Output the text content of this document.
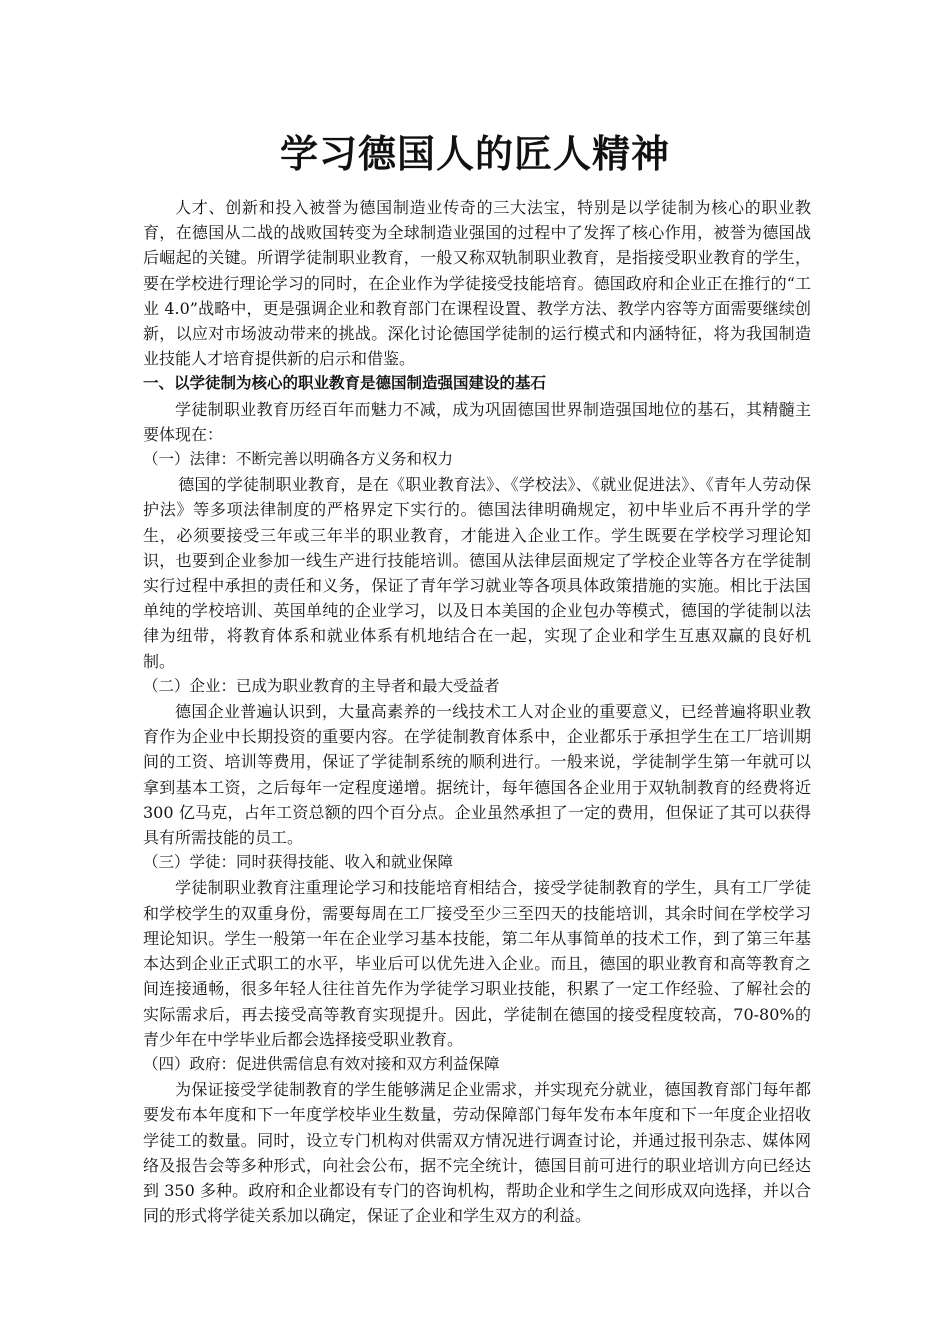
学习德国人的匠人精神

人才、创新和投入被誉为德国制造业传奇的三大法宝，特别是以学徒制为核心的职业教育，在德国从二战的战败国转变为全球制造业强国的过程中了发挥了核心作用，被誉为德国战后崛起的关键。所谓学徒制职业教育，一般又称双轨制职业教育，是指接受职业教育的学生，要在学校进行理论学习的同时，在企业作为学徒接受技能培育。德国政府和企业正在推行的“工业 4.0”战略中，更是强调企业和教育部门在课程设置、教学方法、教学内容等方面需要继续创新，以应对市场波动带来的挑战。深化讨论德国学徒制的运行模式和内涵特征，将为我国制造业技能人才培育提供新的启示和借鉴。

一、以学徒制为核心的职业教育是德国制造强国建设的基石

学徒制职业教育历经百年而魅力不减，成为巩固德国世界制造强国地位的基石，其精髓主要体现在：

（一）法律：不断完善以明确各方义务和权力

德国的学徒制职业教育，是在《职业教育法》、《学校法》、《就业促进法》、《青年人劳动保护法》等多项法律制度的严格界定下实行的。德国法律明确规定，初中毕业后不再升学的学生，必须要接受三年或三年半的职业教育，才能进入企业工作。学生既要在学校学习理论知识，也要到企业参加一线生产进行技能培训。德国从法律层面规定了学校企业等各方在学徒制实行过程中承担的责任和义务，保证了青年学习就业等各项具体政策措施的实施。相比于法国单纯的学校培训、英国单纯的企业学习，以及日本美国的企业包办等模式，德国的学徒制以法律为纽带，将教育体系和就业体系有机地结合在一起，实现了企业和学生互惠双赢的良好机制。

（二）企业：已成为职业教育的主导者和最大受益者

德国企业普遍认识到，大量高素养的一线技术工人对企业的重要意义，已经普遍将职业教育作为企业中长期投资的重要内容。在学徒制教育体系中，企业都乐于承担学生在工厂培训期间的工资、培训等费用，保证了学徒制系统的顺利进行。一般来说，学徒制学生第一年就可以拿到基本工资，之后每年一定程度递增。据统计，每年德国各企业用于双轨制教育的经费将近 300 亿马克，占年工资总额的四个百分点。企业虽然承担了一定的费用，但保证了其可以获得具有所需技能的员工。

（三）学徒：同时获得技能、收入和就业保障

学徒制职业教育注重理论学习和技能培育相结合，接受学徒制教育的学生，具有工厂学徒和学校学生的双重身份，需要每周在工厂接受至少三至四天的技能培训，其余时间在学校学习理论知识。学生一般第一年在企业学习基本技能，第二年从事简单的技术工作，到了第三年基本达到企业正式职工的水平，毕业后可以优先进入企业。而且，德国的职业教育和高等教育之间连接通畅，很多年轻人往往首先作为学徒学习职业技能，积累了一定工作经验、了解社会的实际需求后，再去接受高等教育实现提升。因此，学徒制在德国的接受程度较高，70-80%的青少年在中学毕业后都会选择接受职业教育。

（四）政府：促进供需信息有效对接和双方利益保障

为保证接受学徒制教育的学生能够满足企业需求，并实现充分就业，德国教育部门每年都要发布本年度和下一年度学校毕业生数量，劳动保障部门每年发布本年度和下一年度企业招收学徒工的数量。同时，设立专门机构对供需双方情况进行调查讨论，并通过报刊杂志、媒体网络及报告会等多种形式，向社会公布，据不完全统计，德国目前可进行的职业培训方向已经达到 350 多种。政府和企业都设有专门的咨询机构，帮助企业和学生之间形成双向选择，并以合同的形式将学徒关系加以确定，保证了企业和学生双方的利益。
